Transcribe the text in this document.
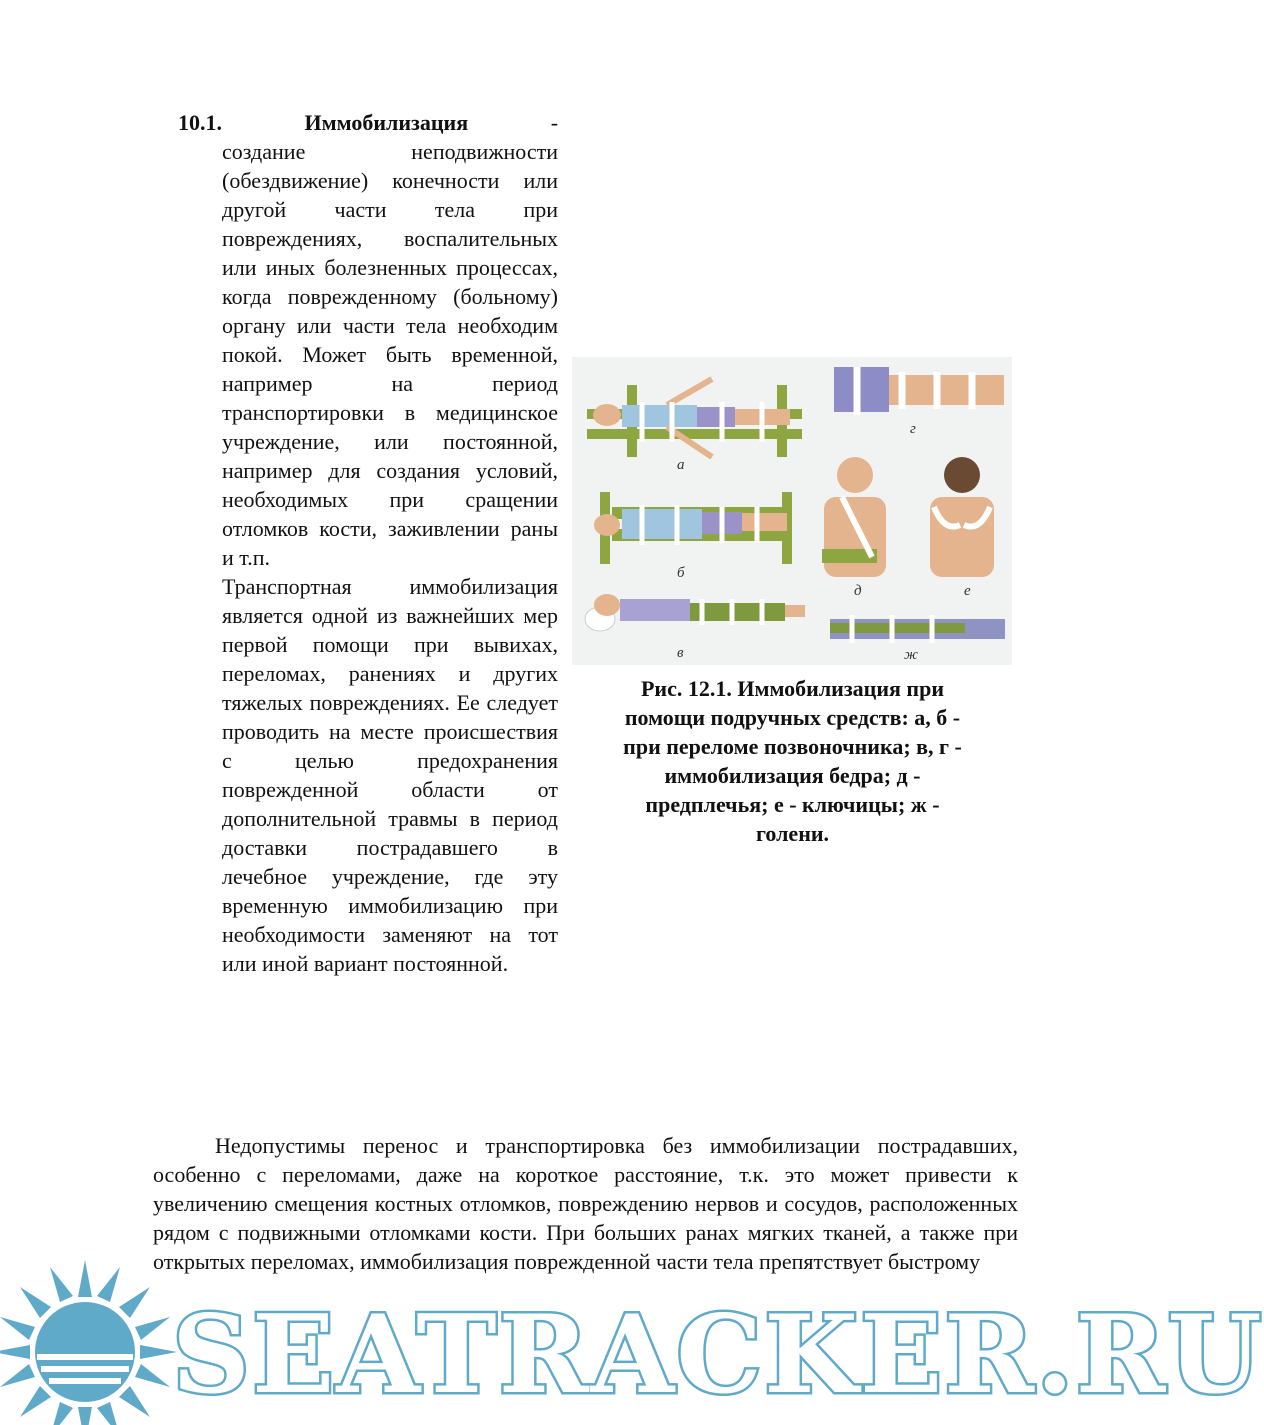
10.1.	Иммобилизация	-

создание неподвижности (обездвижение) конечности или другой части тела при повреждениях, воспалительных или иных болезненных процессах, когда поврежденному (больному) органу или части тела необходим покой. Может быть временной, например на период транспортировки в медицинское учреждение, или постоянной, например для создания условий, необходимых при сращении отломков кости, заживлении раны и т.п.

Транспортная иммобилизация является одной из важнейших мер первой помощи при вывихах, переломах, ранениях и других тяжелых повреждениях. Ее следует проводить на месте происшествия с целью предохранения поврежденной области от дополнительной травмы в период доставки пострадавшего в лечебное учреждение, где эту временную иммобилизацию при необходимости заменяют на тот или иной вариант постоянной.

а
б
в
г
д	е
ж
Рис. 12.1. Иммобилизация при помощи подручных средств: а, б - при переломе позвоночника; в, г - иммобилизация бедра; д - предплечья; е - ключицы; ж - голени.

Недопустимы перенос и транспортировка без иммобилизации пострадавших, особенно с переломами, даже на короткое расстояние, т.к. это может привести к увеличению смещения костных отломков, повреждению нервов и сосудов, расположенных рядом с подвижными отломками кости. При больших ранах мягких тканей, а также при открытых переломах, иммобилизация поврежденной части тела препятствует быстрому

SEATRACKER.RU
